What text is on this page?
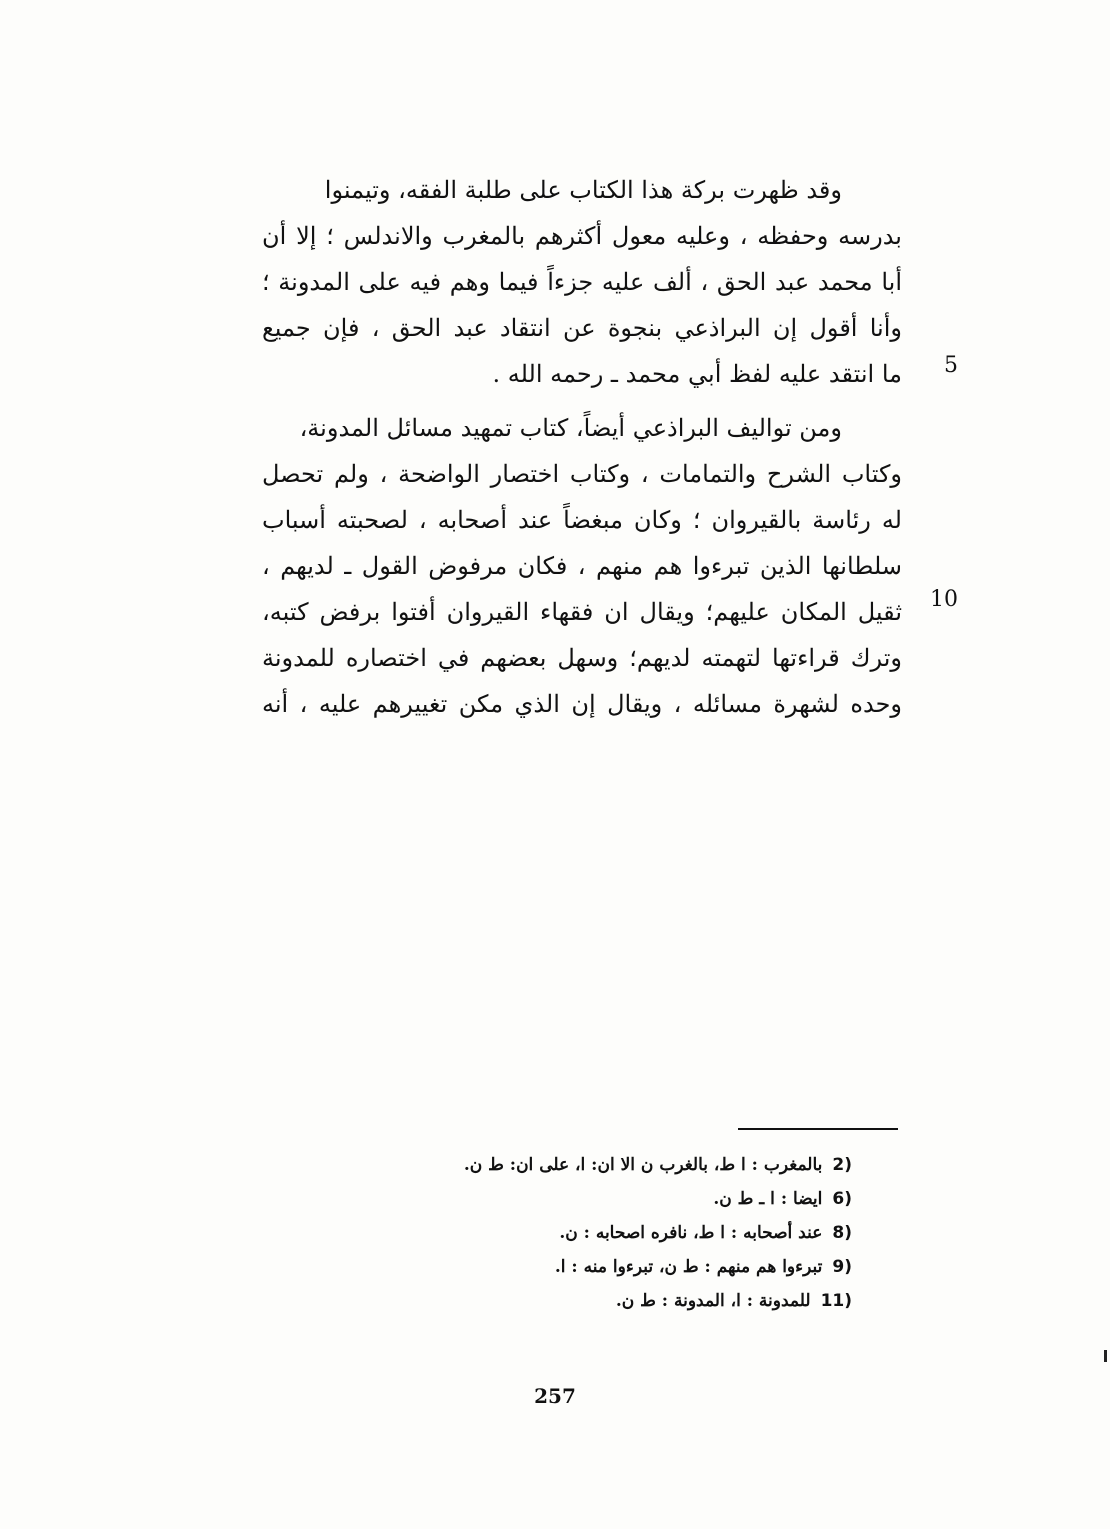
وقد ظهرت بركة هذا الكتاب على طلبة الفقه، وتيمنوا
بدرسه وحفظه ، وعليه معول أكثرهم بالمغرب والاندلس ؛ إلا أن
أبا محمد عبد الحق ، ألف عليه جزءاً فيما وهم فيه على المدونة ؛
وأنا أقول إن البراذعي بنجوة عن انتقاد عبد الحق ، فإن جميع
ما انتقد عليه لفظ أبي محمد ـ رحمه الله .
ومن تواليف البراذعي أيضاً، كتاب تمهيد مسائل المدونة،
وكتاب الشرح والتمامات ، وكتاب اختصار الواضحة ، ولم تحصل
له رئاسة بالقيروان ؛ وكان مبغضاً عند أصحابه ، لصحبته أسباب
سلطانها الذين تبرءوا هم منهم ، فكان مرفوض القول ـ لديهم ،
ثقيل المكان عليهم؛ ويقال ان فقهاء القيروان أفتوا برفض كتبه،
وترك قراءتها لتهمته لديهم؛ وسهل بعضهم في اختصاره للمدونة
وحده لشهرة مسائله ، ويقال إن الذي مكن تغييرهم عليه ، أنه
5
10
2)بالمغرب : ا ط، بالغرب ن الا ان: ا، على ان: ط ن.
6)ايضا : ا ـ ط ن.
8)عند أصحابه : ا ط، نافره اصحابه : ن.
9)تبرءوا هم منهم : ط ن، تبرءوا منه : ا.
11)للمدونة : ا، المدونة : ط ن.
257
